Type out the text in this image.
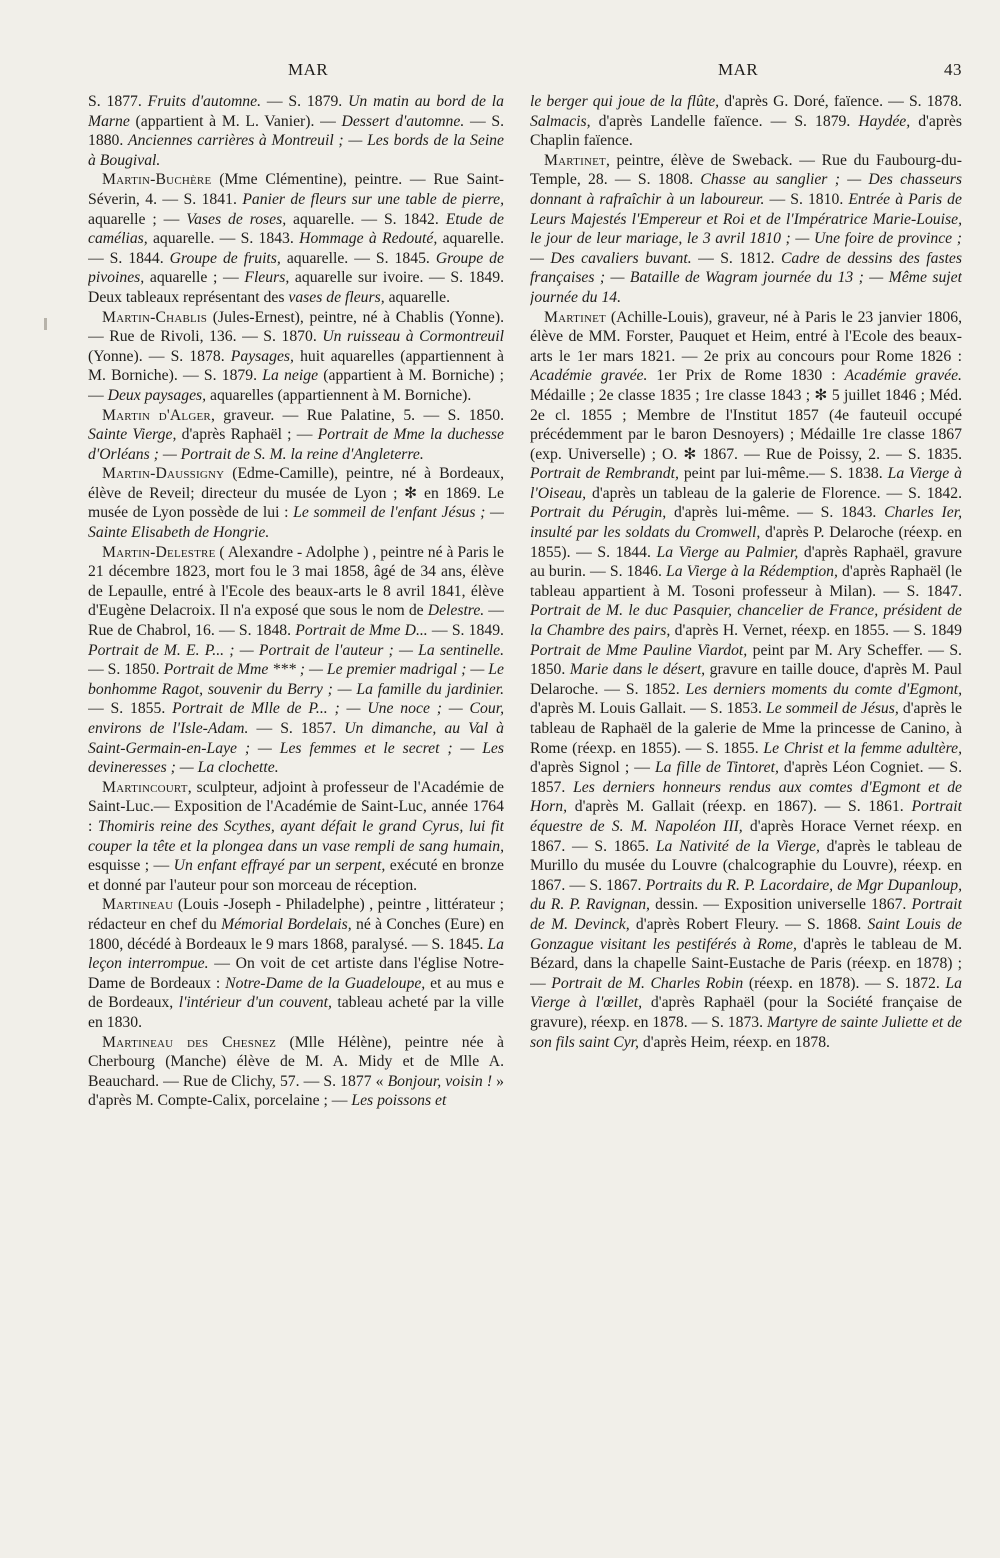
MAR	MAR	43

S. 1877. Fruits d'automne. — S. 1879. Un matin au bord de la Marne (appartient à M. L. Vanier). — Dessert d'automne. — S. 1880. Anciennes carrières à Montreuil ; — Les bords de la Seine à Bougival.

Martin-Buchère (Mme Clémentine), peintre. — Rue Saint-Séverin, 4. — S. 1841. Panier de fleurs sur une table de pierre, aquarelle ; — Vases de roses, aquarelle. — S. 1842. Etude de camélias, aquarelle. — S. 1843. Hommage à Redouté, aquarelle. — S. 1844. Groupe de fruits, aquarelle. — S. 1845. Groupe de pivoines, aquarelle ; — Fleurs, aquarelle sur ivoire. — S. 1849. Deux tableaux représentant des vases de fleurs, aquarelle.

Martin-Chablis (Jules-Ernest), peintre, né à Chablis (Yonne). — Rue de Rivoli, 136. — S. 1870. Un ruisseau à Cormontreuil (Yonne). — S. 1878. Paysages, huit aquarelles (appartiennent à M. Borniche). — S. 1879. La neige (appartient à M. Borniche) ; — Deux paysages, aquarelles (appartiennent à M. Borniche).

Martin d'Alger, graveur. — Rue Palatine, 5. — S. 1850. Sainte Vierge, d'après Raphaël ; — Portrait de Mme la duchesse d'Orléans ; — Portrait de S. M. la reine d'Angleterre.

Martin-Daussigny (Edme-Camille), peintre, né à Bordeaux, élève de Reveil; directeur du musée de Lyon ; ✻ en 1869. Le musée de Lyon possède de lui : Le sommeil de l'enfant Jésus ; — Sainte Elisabeth de Hongrie.

Martin-Delestre ( Alexandre - Adolphe ) , peintre né à Paris le 21 décembre 1823, mort fou le 3 mai 1858, âgé de 34 ans, élève de Lepaulle, entré à l'Ecole des beaux-arts le 8 avril 1841, élève d'Eugène Delacroix. Il n'a exposé que sous le nom de Delestre. — Rue de Chabrol, 16. — S. 1848. Portrait de Mme D... — S. 1849. Portrait de M. E. P... ; — Portrait de l'auteur ; — La sentinelle. — S. 1850. Portrait de Mme *** ; — Le premier madrigal ; — Le bonhomme Ragot, souvenir du Berry ; — La famille du jardinier. — S. 1855. Portrait de Mlle de P... ; — Une noce ; — Cour, environs de l'Isle-Adam. — S. 1857. Un dimanche, au Val à Saint-Germain-en-Laye ; — Les femmes et le secret ; — Les devineresses ; — La clochette.

Martincourt, sculpteur, adjoint à professeur de l'Académie de Saint-Luc.— Exposition de l'Académie de Saint-Luc, année 1764 : Thomiris reine des Scythes, ayant défait le grand Cyrus, lui fit couper la tête et la plongea dans un vase rempli de sang humain, esquisse ; — Un enfant effrayé par un serpent, exécuté en bronze et donné par l'auteur pour son morceau de réception.

Martineau (Louis -Joseph - Philadelphe) , peintre , littérateur ; rédacteur en chef du Mémorial Bordelais, né à Conches (Eure) en 1800, décédé à Bordeaux le 9 mars 1868, paralysé. — S. 1845. La leçon interrompue. — On voit de cet artiste dans l'église Notre-Dame de Bordeaux : Notre-Dame de la Guadeloupe, et au mus e de Bordeaux, l'intérieur d'un couvent, tableau acheté par la ville en 1830.

Martineau des Chesnez (Mlle Hélène), peintre née à Cherbourg (Manche) élève de M. A. Midy et de Mlle A. Beauchard. — Rue de Clichy, 57. — S. 1877 « Bonjour, voisin ! » d'après M. Compte-Calix, porcelaine ; — Les poissons et

le berger qui joue de la flûte, d'après G. Doré, faïence. — S. 1878. Salmacis, d'après Landelle faïence. — S. 1879. Haydée, d'après Chaplin faïence.

Martinet, peintre, élève de Sweback. — Rue du Faubourg-du-Temple, 28. — S. 1808. Chasse au sanglier ; — Des chasseurs donnant à rafraîchir à un laboureur. — S. 1810. Entrée à Paris de Leurs Majestés l'Empereur et Roi et de l'Impératrice Marie-Louise, le jour de leur mariage, le 3 avril 1810 ; — Une foire de province ; — Des cavaliers buvant. — S. 1812. Cadre de dessins des fastes françaises ; — Bataille de Wagram journée du 13 ; — Même sujet journée du 14.

Martinet (Achille-Louis), graveur, né à Paris le 23 janvier 1806, élève de MM. Forster, Pauquet et Heim, entré à l'Ecole des beaux-arts le 1er mars 1821. — 2e prix au concours pour Rome 1826 : Académie gravée. 1er Prix de Rome 1830 : Académie gravée. Médaille ; 2e classe 1835 ; 1re classe 1843 ; ✻ 5 juillet 1846 ; Méd. 2e cl. 1855 ; Membre de l'Institut 1857 (4e fauteuil occupé précédemment par le baron Desnoyers) ; Médaille 1re classe 1867 (exp. Universelle) ; O. ✻ 1867. — Rue de Poissy, 2. — S. 1835. Portrait de Rembrandt, peint par lui-même.— S. 1838. La Vierge à l'Oiseau, d'après un tableau de la galerie de Florence. — S. 1842. Portrait du Pérugin, d'après lui-même. — S. 1843. Charles Ier, insulté par les soldats du Cromwell, d'après P. Delaroche (réexp. en 1855). — S. 1844. La Vierge au Palmier, d'après Raphaël, gravure au burin. — S. 1846. La Vierge à la Rédemption, d'après Raphaël (le tableau appartient à M. Tosoni professeur à Milan). — S. 1847. Portrait de M. le duc Pasquier, chancelier de France, président de la Chambre des pairs, d'après H. Vernet, réexp. en 1855. — S. 1849 Portrait de Mme Pauline Viardot, peint par M. Ary Scheffer. — S. 1850. Marie dans le désert, gravure en taille douce, d'après M. Paul Delaroche. — S. 1852. Les derniers moments du comte d'Egmont, d'après M. Louis Gallait. — S. 1853. Le sommeil de Jésus, d'après le tableau de Raphaël de la galerie de Mme la princesse de Canino, à Rome (réexp. en 1855). — S. 1855. Le Christ et la femme adultère, d'après Signol ; — La fille de Tintoret, d'après Léon Cogniet. — S. 1857. Les derniers honneurs rendus aux comtes d'Egmont et de Horn, d'après M. Gallait (réexp. en 1867). — S. 1861. Portrait équestre de S. M. Napoléon III, d'après Horace Vernet réexp. en 1867. — S. 1865. La Nativité de la Vierge, d'après le tableau de Murillo du musée du Louvre (chalcographie du Louvre), réexp. en 1867. — S. 1867. Portraits du R. P. Lacordaire, de Mgr Dupanloup, du R. P. Ravignan, dessin. — Exposition universelle 1867. Portrait de M. Devinck, d'après Robert Fleury. — S. 1868. Saint Louis de Gonzague visitant les pestiférés à Rome, d'après le tableau de M. Bézard, dans la chapelle Saint-Eustache de Paris (réexp. en 1878) ; — Portrait de M. Charles Robin (réexp. en 1878). — S. 1872. La Vierge à l'œillet, d'après Raphaël (pour la Société française de gravure), réexp. en 1878. — S. 1873. Martyre de sainte Juliette et de son fils saint Cyr, d'après Heim, réexp. en 1878.
